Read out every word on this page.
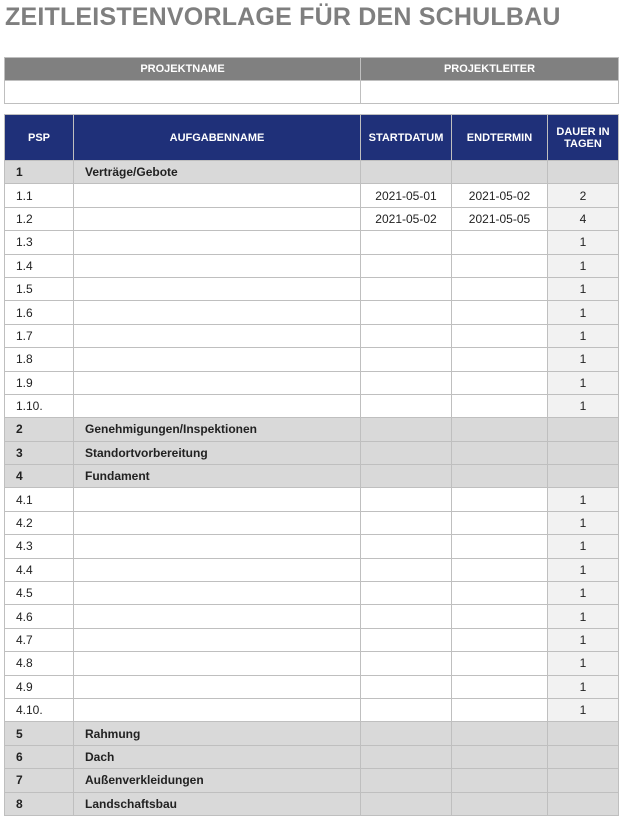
ZEITLEISTENVORLAGE FÜR DEN SCHULBAU
PROJEKTNAME	PROJEKTLEITER

PSP	AUFGABENNAME	STARTDATUM	ENDTERMIN	DAUER IN TAGEN
1	Verträge/Gebote			
1.1		2021-05-01	2021-05-02	2
1.2		2021-05-02	2021-05-05	4
1.3				1
1.4				1
1.5				1
1.6				1
1.7				1
1.8				1
1.9				1
1.10.				1
2	Genehmigungen/Inspektionen			
3	Standortvorbereitung			
4	Fundament			
4.1				1
4.2				1
4.3				1
4.4				1
4.5				1
4.6				1
4.7				1
4.8				1
4.9				1
4.10.				1
5	Rahmung			
6	Dach			
7	Außenverkleidungen			
8	Landschaftsbau			
